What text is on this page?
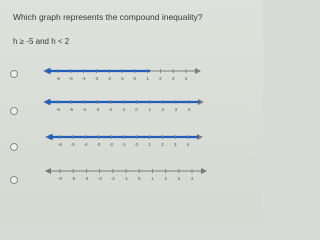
Which graph represents the compound inequality?
h ≥ -5 and h < 2
-6 -5 -4 -3 -2 -1 0 1 2 3 4
-6 -5 -4 -3 -2 -1 0 1 2 3 4
-6 -5 -4 -3 -2 -1 0 1 2 3 4
-6 -5 -4 -3 -2 -1 0 1 2 3 4
